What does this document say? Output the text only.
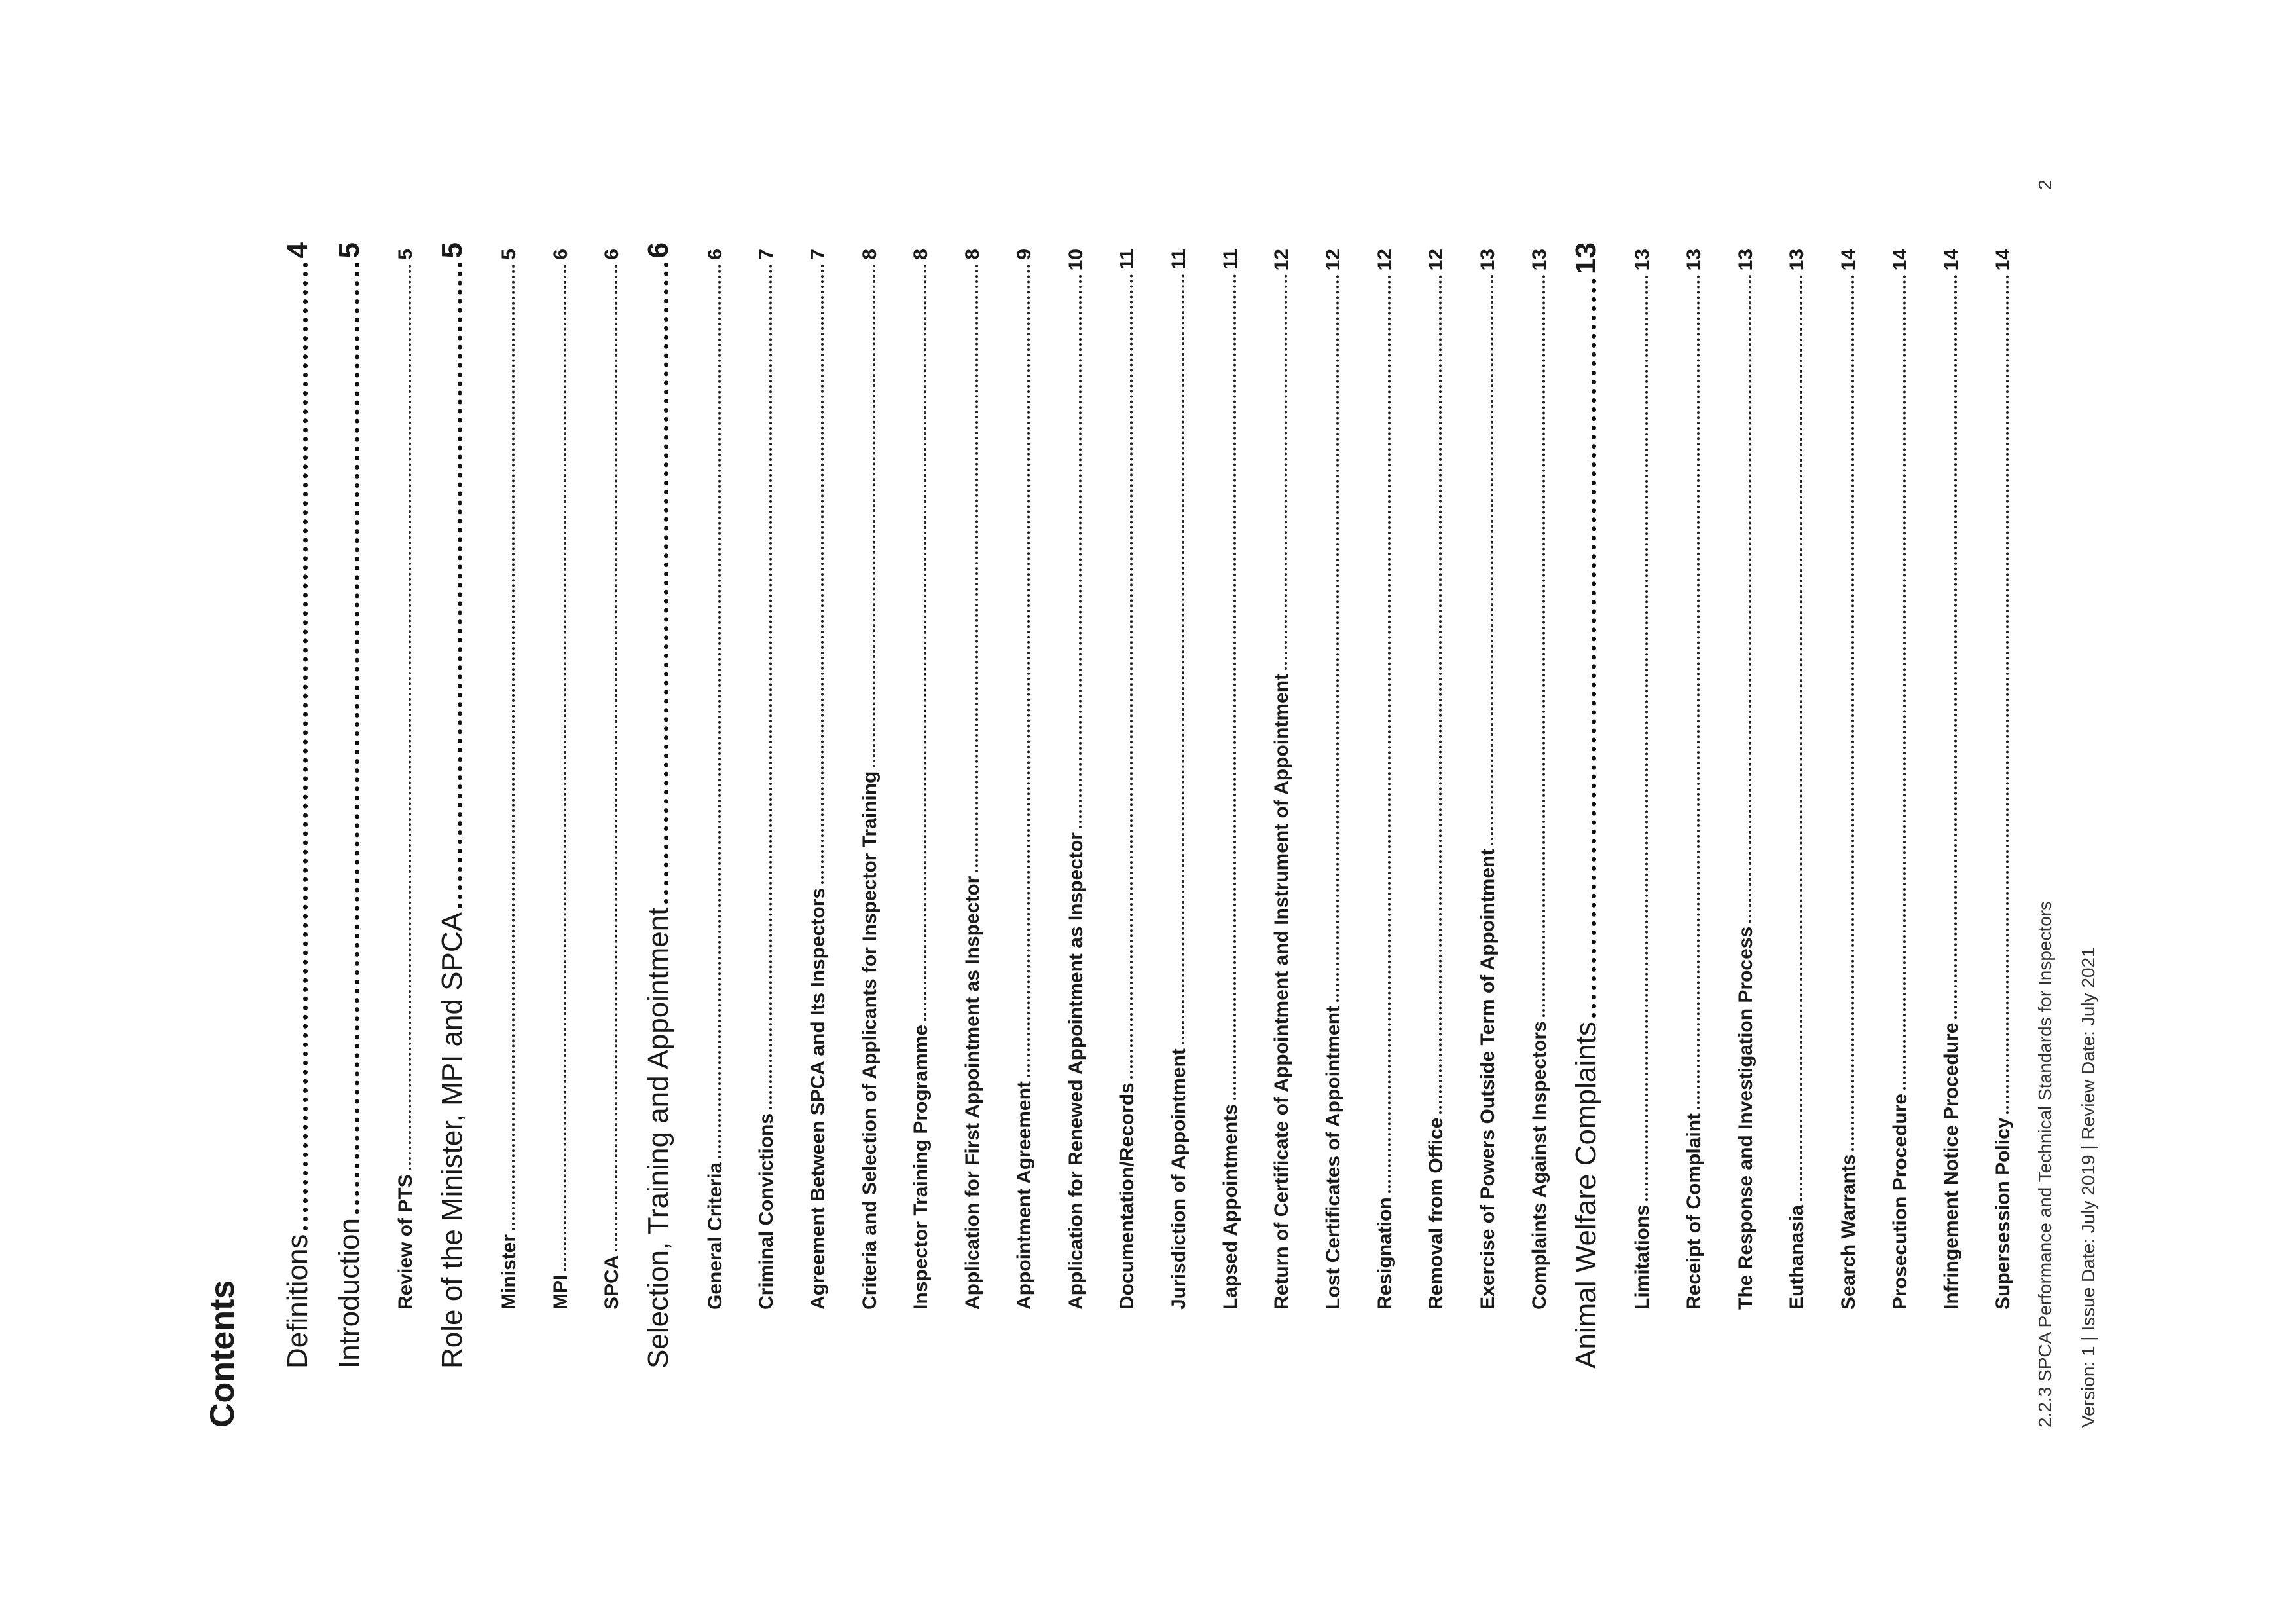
Contents Definitions
4
Introduction
5
Review of PTS
5
Role of the Minister, MPI and SPCA
5
Minister
5
MPI
6
SPCA
6
Selection, Training and Appointment
6
General Criteria
6
Criminal Convictions
7
Agreement Between SPCA and Its Inspectors
7
Criteria and Selection of Applicants for Inspector Training
8
Inspector Training Programme
8
Application for First Appointment as Inspector
8
Appointment Agreement
9
Application for Renewed Appointment as Inspector
10
Documentation/Records
11
Jurisdiction of Appointment
11
Lapsed Appointments
11
Return of Certificate of Appointment and Instrument of Appointment
12
Lost Certificates of Appointment
12
Resignation
12
Removal from Office
12
Exercise of Powers Outside Term of Appointment
13
Complaints Against Inspectors
13
Animal Welfare Complaints
13
Limitations
13
Receipt of Complaint
13
The Response and Investigation Process
13
Euthanasia
13
Search Warrants
14
Prosecution Procedure
14
Infringement Notice Procedure
14
Supersession Policy
14
2.2.3 SPCA Performance and Technical Standards for Inspectors Version: 1 | Issue Date: July 2019 | Review Date: July 2021
2
